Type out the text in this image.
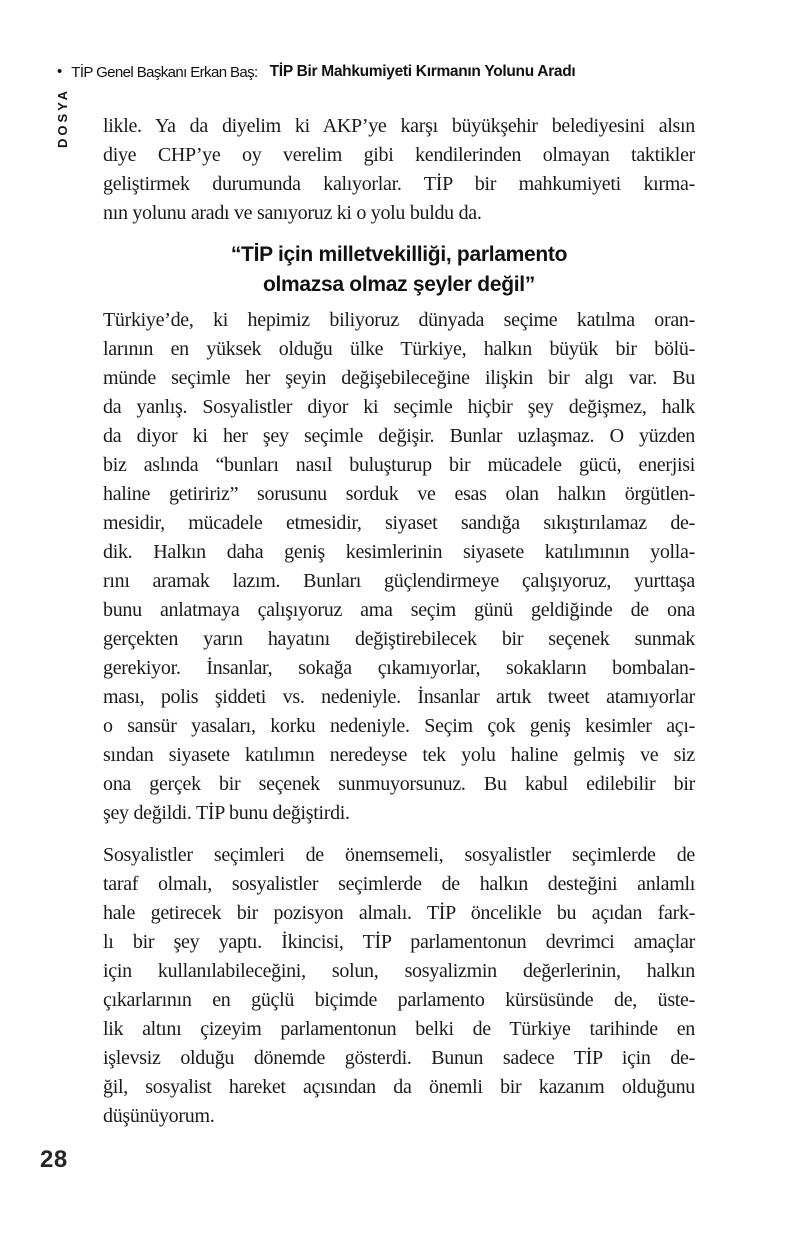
• TİP Genel Başkanı Erkan Baş: TİP Bir Mahkumiyeti Kırmanın Yolunu Aradı
DOSYA likle. Ya da diyelim ki AKP’ye karşı büyükşehir belediyesini alsın
diye CHP’ye oy verelim gibi kendilerinden olmayan taktikler
geliştirmek durumunda kalıyorlar. TİP bir mahkumiyeti kırma-
nın yolunu aradı ve sanıyoruz ki o yolu buldu da.
“TİP için milletvekilliği, parlamento
olmazsa olmaz şeyler değil”
Türkiye’de, ki hepimiz biliyoruz dünyada seçime katılma oran-
larının en yüksek olduğu ülke Türkiye, halkın büyük bir bölü-
münde seçimle her şeyin değişebileceğine ilişkin bir algı var. Bu
da yanlış. Sosyalistler diyor ki seçimle hiçbir şey değişmez, halk
da diyor ki her şey seçimle değişir. Bunlar uzlaşmaz. O yüzden
biz aslında “bunları nasıl buluşturup bir mücadele gücü, enerjisi
haline getiririz” sorusunu sorduk ve esas olan halkın örgütlen-
mesidir, mücadele etmesidir, siyaset sandığa sıkıştırılamaz de-
dik. Halkın daha geniş kesimlerinin siyasete katılımının yolla-
rını aramak lazım. Bunları güçlendirmeye çalışıyoruz, yurttaşa
bunu anlatmaya çalışıyoruz ama seçim günü geldiğinde de ona
gerçekten yarın hayatını değiştirebilecek bir seçenek sunmak
gerekiyor. İnsanlar, sokağa çıkamıyorlar, sokakların bombalan-
ması, polis şiddeti vs. nedeniyle. İnsanlar artık tweet atamıyorlar
o sansür yasaları, korku nedeniyle. Seçim çok geniş kesimler açı-
sından siyasete katılımın neredeyse tek yolu haline gelmiş ve siz
ona gerçek bir seçenek sunmuyorsunuz. Bu kabul edilebilir bir
şey değildi. TİP bunu değiştirdi.
Sosyalistler seçimleri de önemsemeli, sosyalistler seçimlerde de
taraf olmalı, sosyalistler seçimlerde de halkın desteğini anlamlı
hale getirecek bir pozisyon almalı. TİP öncelikle bu açıdan fark-
lı bir şey yaptı. İkincisi, TİP parlamentonun devrimci amaçlar
için kullanılabileceğini, solun, sosyalizmin değerlerinin, halkın
çıkarlarının en güçlü biçimde parlamento kürsüsünde de, üste-
lik altını çizeyim parlamentonun belki de Türkiye tarihinde en
işlevsiz olduğu dönemde gösterdi. Bunun sadece TİP için de-
ğil, sosyalist hareket açısından da önemli bir kazanım olduğunu
düşünüyorum.
28
